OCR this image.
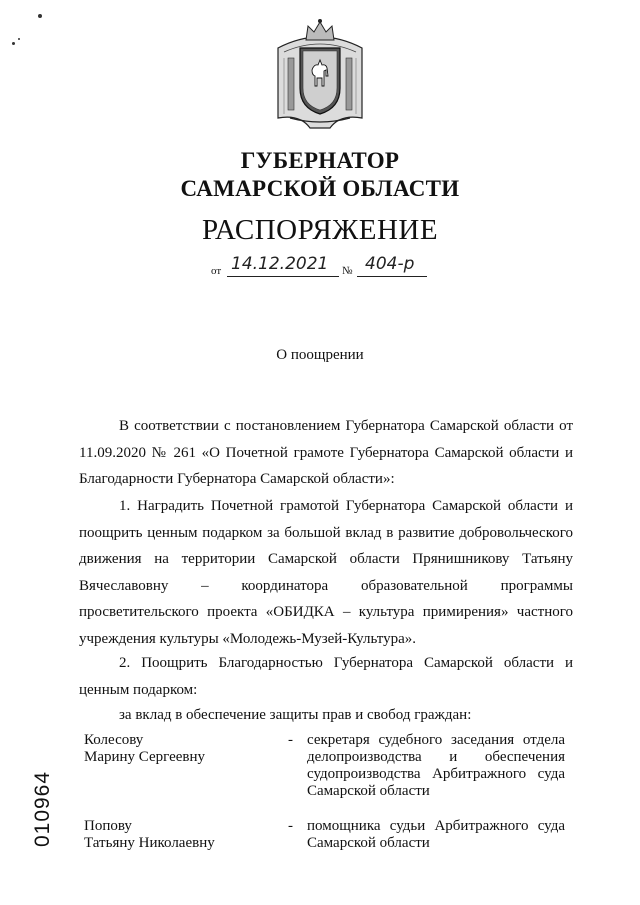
ГУБЕРНАТОР
САМАРСКОЙ ОБЛАСТИ
РАСПОРЯЖЕНИЕ
от 14.12.2021 № 404-р
О поощрении
В соответствии с постановлением Губернатора Самарской области от 11.09.2020 № 261 «О Почетной грамоте Губернатора Самарской области и Благодарности Губернатора Самарской области»:
1. Наградить Почетной грамотой Губернатора Самарской области и поощрить ценным подарком за большой вклад в развитие добровольческого движения на территории Самарской области Прянишникову Татьяну Вячеславовну – координатора образовательной программы просветительского проекта «ОБИДКА – культура примирения» частного учреждения культуры «Молодежь-Музей-Культура».
2. Поощрить Благодарностью Губернатора Самарской области и ценным подарком:
за вклад в обеспечение защиты прав и свобод граждан:
Колесову
Марину Сергеевну
- секретаря судебного заседания отдела делопроизводства и обеспечения судопроизводства Арбитражного суда Самарской области
Попову
Татьяну Николаевну
- помощника судьи Арбитражного суда Самарской области
010964
